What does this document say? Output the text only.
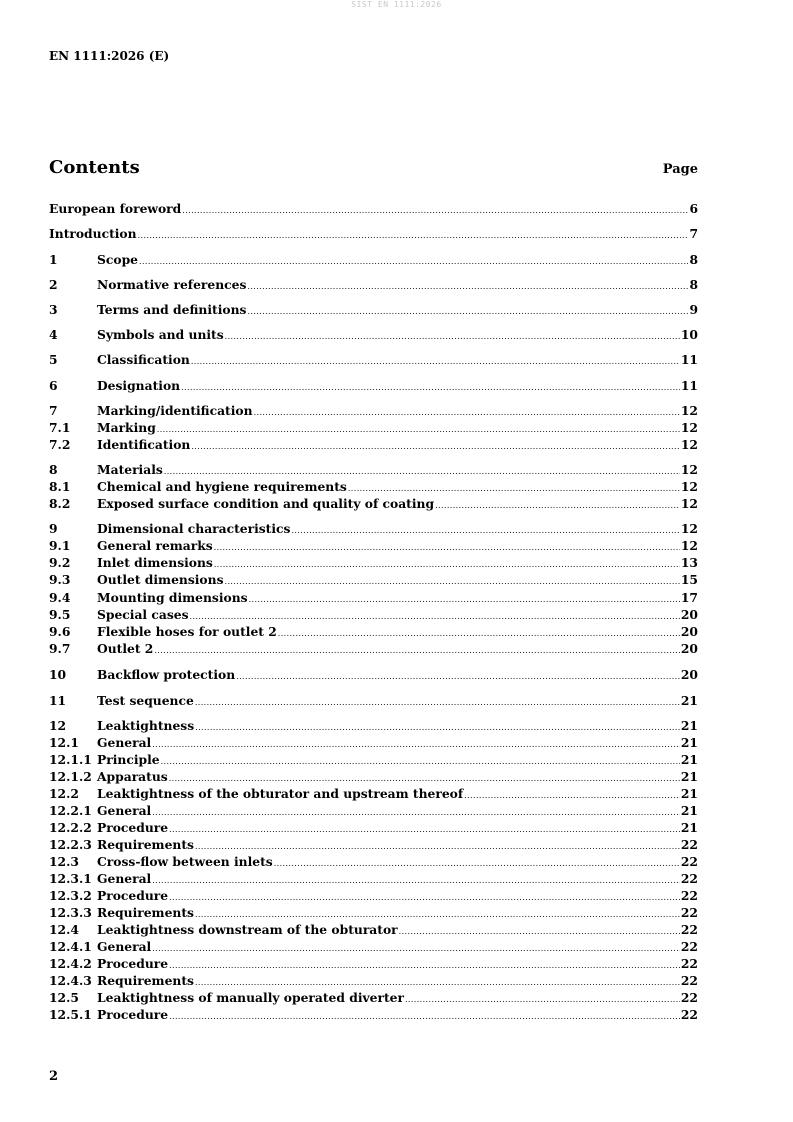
SIST EN 1111:2026
EN 1111:2026 (E)
Contents	Page
European foreword .....	6
Introduction .....	7
1	Scope .....	8
2	Normative references .....	8
3	Terms and definitions .....	9
4	Symbols and units .....	10
5	Classification .....	11
6	Designation .....	11
7	Marking/identification .....	12
7.1	Marking .....	12
7.2	Identification .....	12
8	Materials .....	12
8.1	Chemical and hygiene requirements .....	12
8.2	Exposed surface condition and quality of coating .....	12
9	Dimensional characteristics .....	12
9.1	General remarks .....	12
9.2	Inlet dimensions .....	13
9.3	Outlet dimensions .....	15
9.4	Mounting dimensions .....	17
9.5	Special cases .....	20
9.6	Flexible hoses for outlet 2 .....	20
9.7	Outlet 2 .....	20
10	Backflow protection .....	20
11	Test sequence .....	21
12	Leaktightness .....	21
12.1	General .....	21
12.1.1 Principle .....	21
12.1.2 Apparatus .....	21
12.2	Leaktightness of the obturator and upstream thereof .....	21
12.2.1 General .....	21
12.2.2 Procedure .....	21
12.2.3 Requirements .....	22
12.3	Cross-flow between inlets .....	22
12.3.1 General .....	22
12.3.2 Procedure .....	22
12.3.3 Requirements .....	22
12.4	Leaktightness downstream of the obturator .....	22
12.4.1 General .....	22
12.4.2 Procedure .....	22
12.4.3 Requirements .....	22
12.5	Leaktightness of manually operated diverter .....	22
12.5.1 Procedure .....	22
2
